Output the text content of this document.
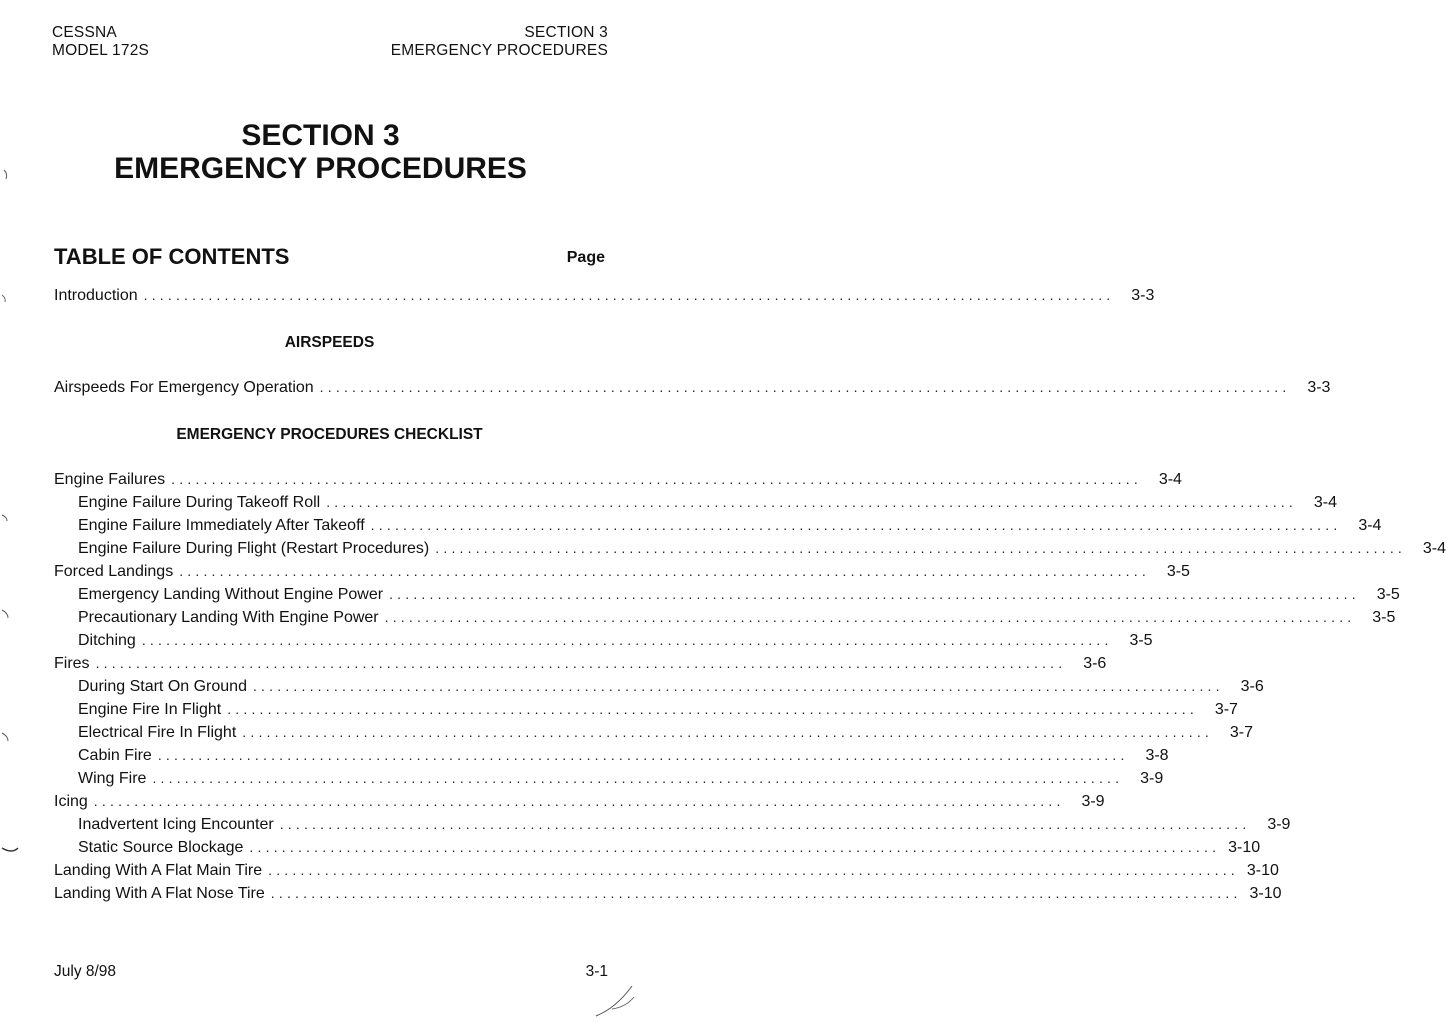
CESSNA
MODEL 172S
SECTION 3
EMERGENCY PROCEDURES
SECTION 3
EMERGENCY PROCEDURES
TABLE OF CONTENTS	Page
Introduction ........................................................................................................................	3-3
AIRSPEEDS
Airspeeds For Emergency Operation ........................................................................................................................	3-3
EMERGENCY PROCEDURES CHECKLIST
Engine Failures ........................................................................................................................	3-4
Engine Failure During Takeoff Roll ........................................................................................................................	3-4
Engine Failure Immediately After Takeoff ........................................................................................................................	3-4
Engine Failure During Flight (Restart Procedures) ........................................................................................................................	3-4
Forced Landings ........................................................................................................................	3-5
Emergency Landing Without Engine Power ........................................................................................................................	3-5
Precautionary Landing With Engine Power ........................................................................................................................	3-5
Ditching ........................................................................................................................	3-5
Fires ........................................................................................................................	3-6
During Start On Ground ........................................................................................................................	3-6
Engine Fire In Flight ........................................................................................................................	3-7
Electrical Fire In Flight ........................................................................................................................	3-7
Cabin Fire ........................................................................................................................	3-8
Wing Fire ........................................................................................................................	3-9
Icing ........................................................................................................................	3-9
Inadvertent Icing Encounter ........................................................................................................................	3-9
Static Source Blockage ........................................................................................................................ 3-10
Landing With A Flat Main Tire ........................................................................................................................ 3-10
Landing With A Flat Nose Tire ........................................................................................................................ 3-10
July 8/98	3-1
